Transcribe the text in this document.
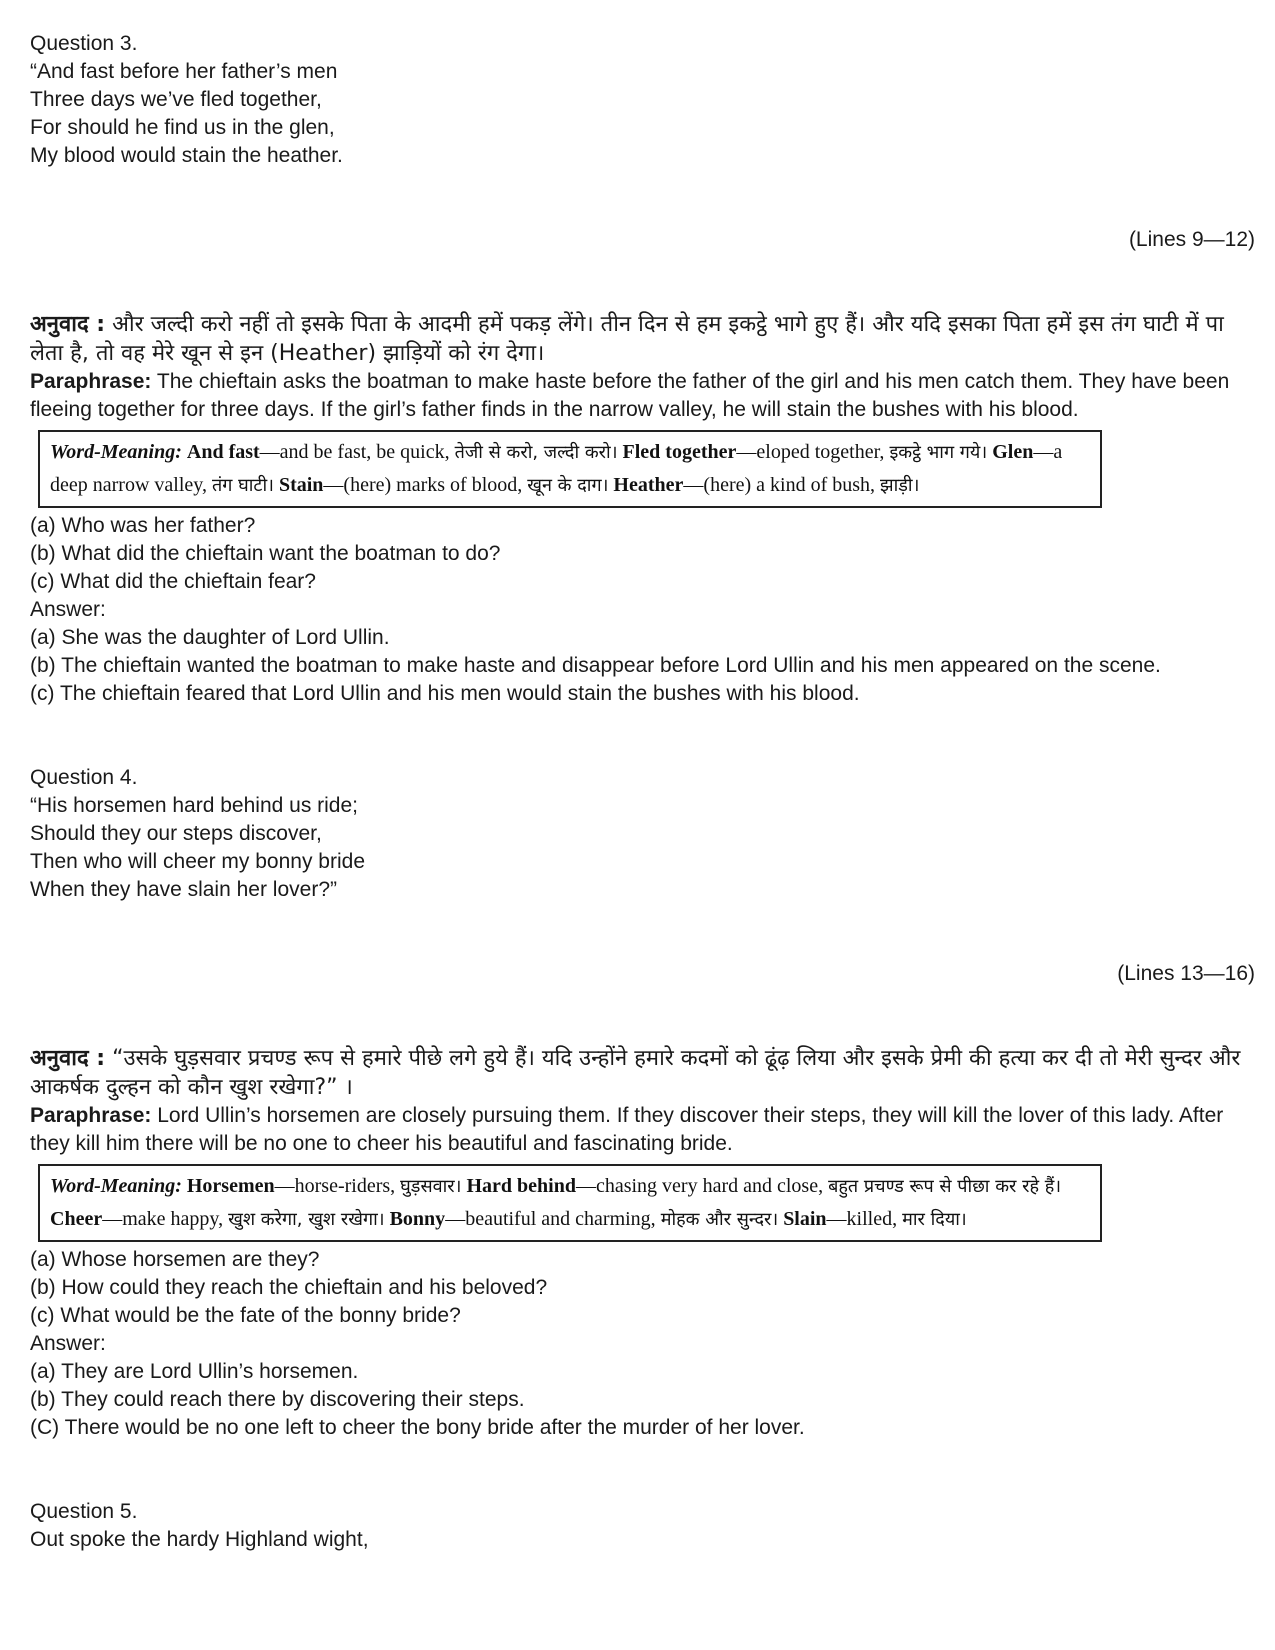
Question 3.
“And fast before her father’s men
Three days we’ve fled together,
For should he find us in the glen,
My blood would stain the heather.
(Lines 9—12)
अनुवाद : और जल्दी करो नहीं तो इसके पिता के आदमी हमें पकड़ लेंगे। तीन दिन से हम इकट्ठे भागे हुए हैं। और यदि इसका पिता हमें इस तंग घाटी में पा लेता है, तो वह मेरे खून से इन (Heather) झाड़ियों को रंग देगा।
Paraphrase: The chieftain asks the boatman to make haste before the father of the girl and his men catch them. They have been fleeing together for three days. If the girl’s father finds in the narrow valley, he will stain the bushes with his blood.
Word-Meaning: And fast—and be fast, be quick, तेजी से करो, जल्दी करो। Fled together—eloped together, इकट्ठे भाग गये। Glen—a deep narrow valley, तंग घाटी। Stain—(here) marks of blood, खून के दाग। Heather—(here) a kind of bush, झाड़ी।
(a) Who was her father?
(b) What did the chieftain want the boatman to do?
(c) What did the chieftain fear?
Answer:
(a) She was the daughter of Lord Ullin.
(b) The chieftain wanted the boatman to make haste and disappear before Lord Ullin and his men appeared on the scene.
(c) The chieftain feared that Lord Ullin and his men would stain the bushes with his blood.
Question 4.
“His horsemen hard behind us ride;
Should they our steps discover,
Then who will cheer my bonny bride
When they have slain her lover?”
(Lines 13—16)
अनुवाद : “उसके घुड़सवार प्रचण्ड रूप से हमारे पीछे लगे हुये हैं। यदि उन्होंने हमारे कदमों को ढूंढ़ लिया और इसके प्रेमी की हत्या कर दी तो मेरी सुन्दर और आकर्षक दुल्हन को कौन खुश रखेगा?” ।
Paraphrase: Lord Ullin’s horsemen are closely pursuing them. If they discover their steps, they will kill the lover of this lady. After they kill him there will be no one to cheer his beautiful and fascinating bride.
Word-Meaning: Horsemen—horse-riders, घुड़सवार। Hard behind—chasing very hard and close, बहुत प्रचण्ड रूप से पीछा कर रहे हैं। Cheer—make happy, खुश करेगा, खुश रखेगा। Bonny—beautiful and charming, मोहक और सुन्दर। Slain—killed, मार दिया।
(a) Whose horsemen are they?
(b) How could they reach the chieftain and his beloved?
(c) What would be the fate of the bonny bride?
Answer:
(a) They are Lord Ullin’s horsemen.
(b) They could reach there by discovering their steps.
(C) There would be no one left to cheer the bony bride after the murder of her lover.
Question 5.
Out spoke the hardy Highland wight,
